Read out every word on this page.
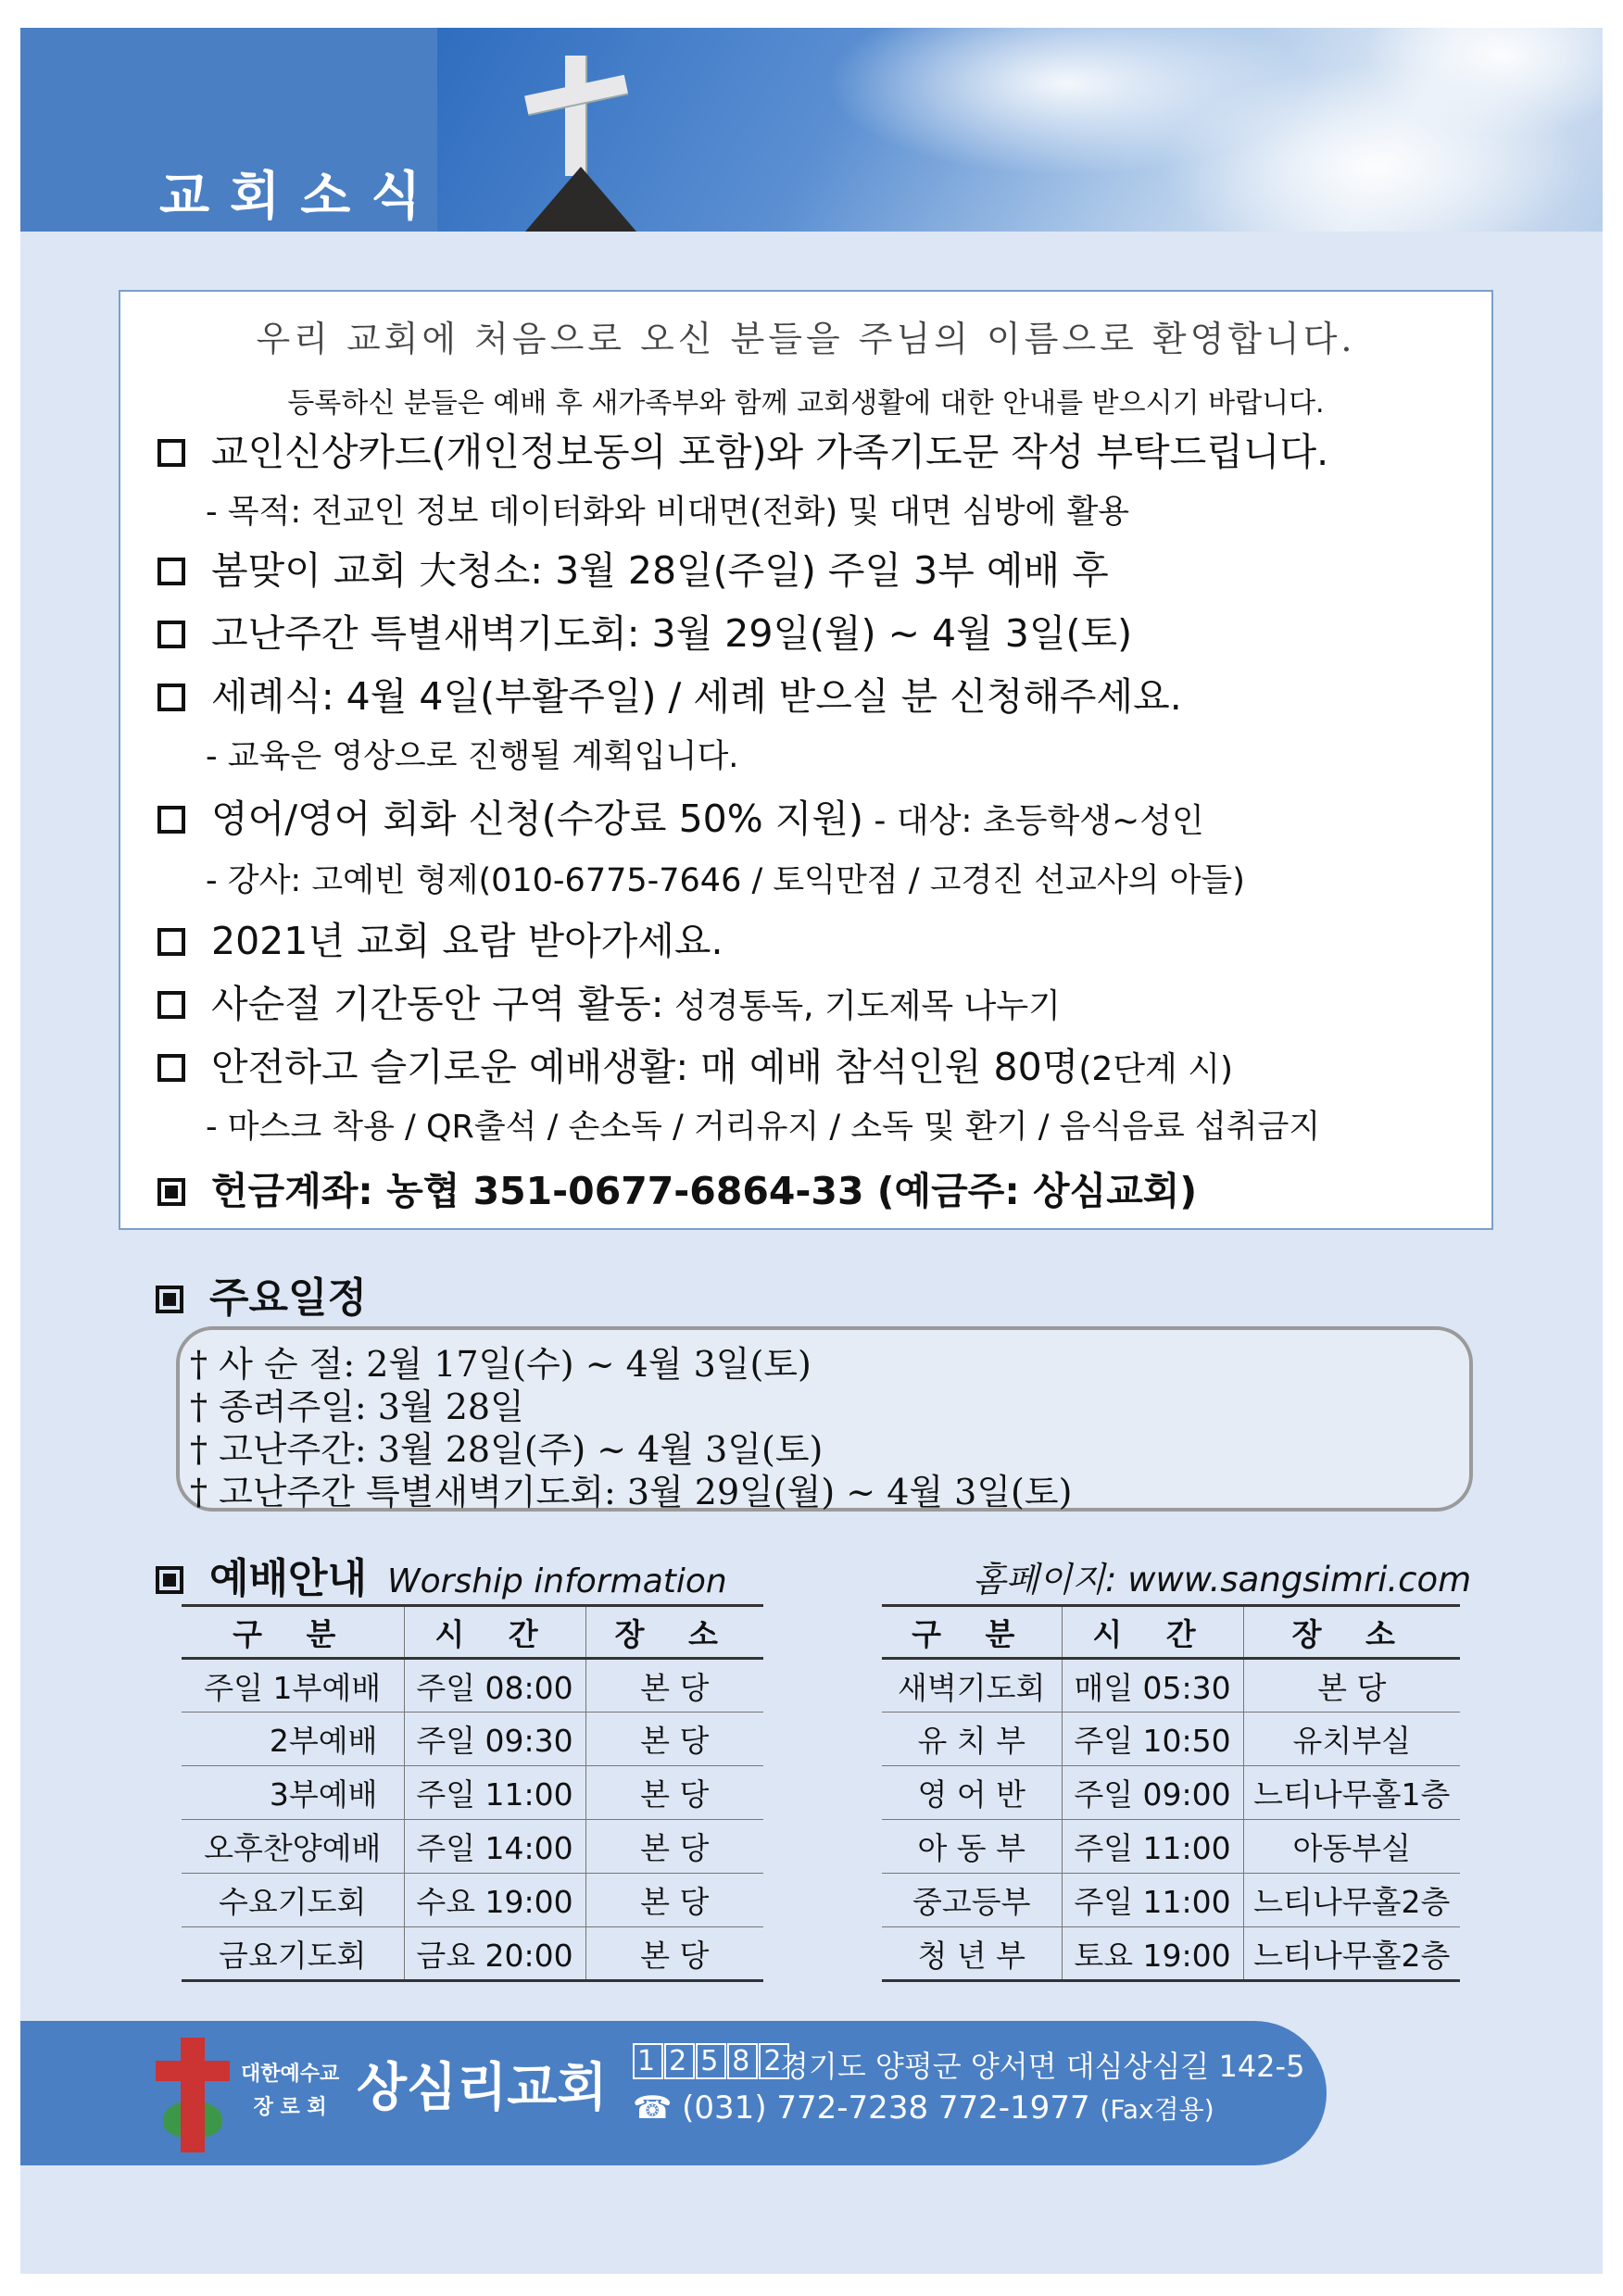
교회소식
우리 교회에 처음으로 오신 분들을 주님의 이름으로 환영합니다.
등록하신 분들은 예배 후 새가족부와 함께 교회생활에 대한 안내를 받으시기 바랍니다.
교인신상카드(개인정보동의 포함)와 가족기도문 작성 부탁드립니다.
- 목적: 전교인 정보 데이터화와 비대면(전화) 및 대면 심방에 활용
봄맞이 교회 大청소: 3월 28일(주일) 주일 3부 예배 후
고난주간 특별새벽기도회: 3월 29일(월) ~ 4월 3일(토)
세례식: 4월 4일(부활주일) / 세례 받으실 분 신청해주세요.
- 교육은 영상으로 진행될 계획입니다.
영어/영어 회화 신청(수강료 50% 지원) - 대상: 초등학생~성인
- 강사: 고예빈 형제(010-6775-7646 / 토익만점 / 고경진 선교사의 아들)
2021년 교회 요람 받아가세요.
사순절 기간동안 구역 활동: 성경통독, 기도제목 나누기
안전하고 슬기로운 예배생활: 매 예배 참석인원 80명(2단계 시)
- 마스크 착용 / QR출석 / 손소독 / 거리유지 / 소독 및 환기 / 음식음료 섭취금지
헌금계좌: 농협 351-0677-6864-33 (예금주: 상심교회)
주요일정
† 사 순 절: 2월 17일(수) ~ 4월 3일(토)
† 종려주일: 3월 28일
† 고난주간: 3월 28일(주) ~ 4월 3일(토)
† 고난주간 특별새벽기도회: 3월 29일(월) ~ 4월 3일(토)
예배안내 Worship information	홈페이지: www.sangsimri.com
구 분	시 간	장 소
주일 1부예배	주일 08:00	본 당
2부예배	주일 09:30	본 당
3부예배	주일 11:00	본 당
오후찬양예배	주일 14:00	본 당
수요기도회	수요 19:00	본 당
금요기도회	금요 20:00	본 당
구 분	시 간	장 소
새벽기도회	매일 05:30	본 당
유 치 부	주일 10:50	유치부실
영 어 반	주일 09:00	느티나무홀1층
아 동 부	주일 11:00	아동부실
중고등부	주일 11:00	느티나무홀2층
청 년 부	토요 19:00	느티나무홀2층
대한예수교
장 로 회 상심리교회 1 2 5 8 2
경기도 양평군 양서면 대심상심길 142-5
☎ (031) 772-7238 772-1977 (Fax겸용)
